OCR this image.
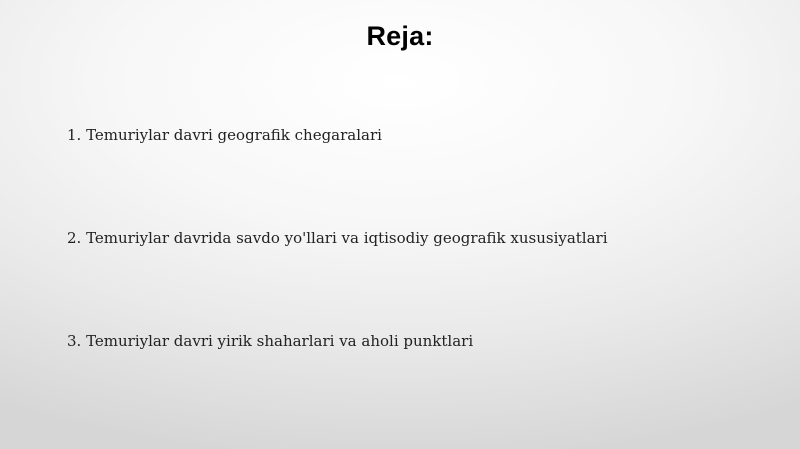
Reja:
1. Temuriylar davri geografik chegaralari
2. Temuriylar davrida savdo yo'llari va iqtisodiy geografik xususiyatlari
3. Temuriylar davri yirik shaharlari va aholi punktlari
